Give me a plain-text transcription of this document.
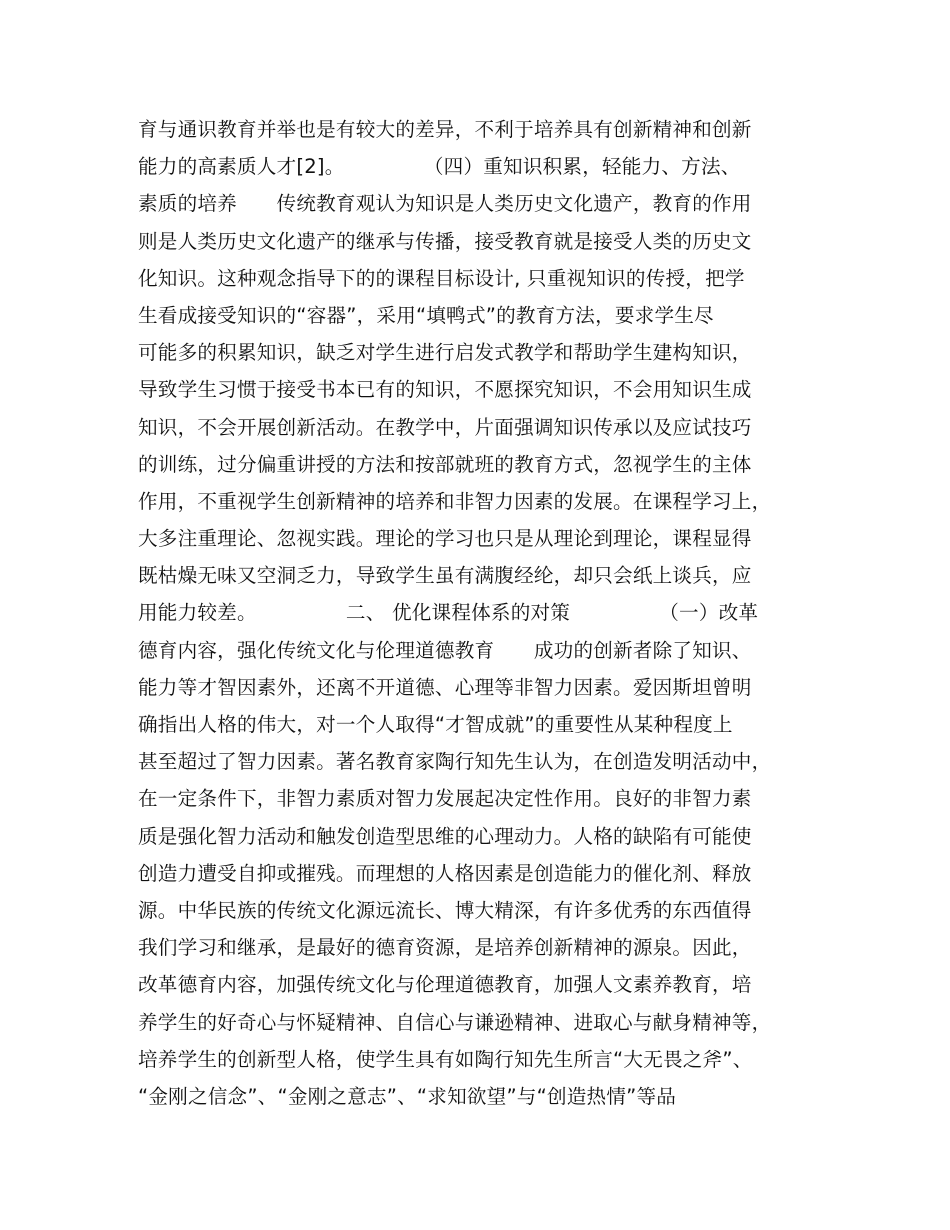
育与通识教育并举也是有较大的差异，不利于培养具有创新精神和创新
能力的高素质人才[2]。　　　　　（四）重知识积累，轻能力、方法、
素质的培养　　传统教育观认为知识是人类历史文化遗产，教育的作用
则是人类历史文化遗产的继承与传播，接受教育就是接受人类的历史文
化知识。这种观念指导下的的课程目标设计, 只重视知识的传授，把学
生看成接受知识的“容器”，采用“填鸭式”的教育方法，要求学生尽
可能多的积累知识，缺乏对学生进行启发式教学和帮助学生建构知识，
导致学生习惯于接受书本已有的知识，不愿探究知识，不会用知识生成
知识，不会开展创新活动。在教学中，片面强调知识传承以及应试技巧
的训练，过分偏重讲授的方法和按部就班的教育方式，忽视学生的主体
作用，不重视学生创新精神的培养和非智力因素的发展。在课程学习上，
大多注重理论、忽视实践。理论的学习也只是从理论到理论，课程显得
既枯燥无味又空洞乏力，导致学生虽有满腹经纶，却只会纸上谈兵，应
用能力较差。　　　　　二、 优化课程体系的对策　　　　　（一）改革
德育内容，强化传统文化与伦理道德教育　　成功的创新者除了知识、
能力等才智因素外，还离不开道德、心理等非智力因素。爱因斯坦曾明
确指出人格的伟大，对一个人取得“才智成就”的重要性从某种程度上
甚至超过了智力因素。著名教育家陶行知先生认为，在创造发明活动中，
在一定条件下，非智力素质对智力发展起决定性作用。良好的非智力素
质是强化智力活动和触发创造型思维的心理动力。人格的缺陷有可能使
创造力遭受自抑或摧残。而理想的人格因素是创造能力的催化剂、释放
源。中华民族的传统文化源远流长、博大精深，有许多优秀的东西值得
我们学习和继承，是最好的德育资源，是培养创新精神的源泉。因此，
改革德育内容，加强传统文化与伦理道德教育，加强人文素养教育，培
养学生的好奇心与怀疑精神、自信心与谦逊精神、进取心与献身精神等，
培养学生的创新型人格，使学生具有如陶行知先生所言“大无畏之斧”、
“金刚之信念”、“金刚之意志”、“求知欲望”与“创造热情”等品
